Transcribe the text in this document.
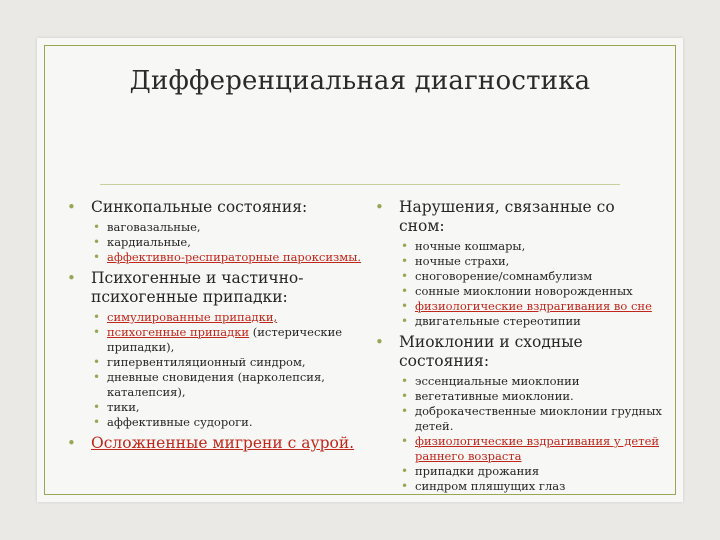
Дифференциальная диагностика
• Синкопальные состояния:
• ваговазальные,
• кардиальные,
• аффективно-респираторные пароксизмы.
• Психогенные и частично-психогенные припадки:
• симулированные припадки,
• психогенные припадки (истерические припадки),
• гипервентиляционный синдром,
• дневные сновидения (нарколепсия, каталепсия),
• тики,
• аффективные судороги.
• Осложненные мигрени с аурой.
• Нарушения, связанные со сном:
• ночные кошмары,
• ночные страхи,
• сноговорение/сомнамбулизм
• сонные миоклонии новорожденных
• физиологические вздрагивания во сне
• двигательные стереотипии
• Миоклонии и сходные состояния:
• эссенциальные миоклонии
• вегетативные миоклонии.
• доброкачественные миоклонии грудных детей.
• физиологические вздрагивания у детей раннего возраста
• припадки дрожания
• синдром пляшущих глаз
